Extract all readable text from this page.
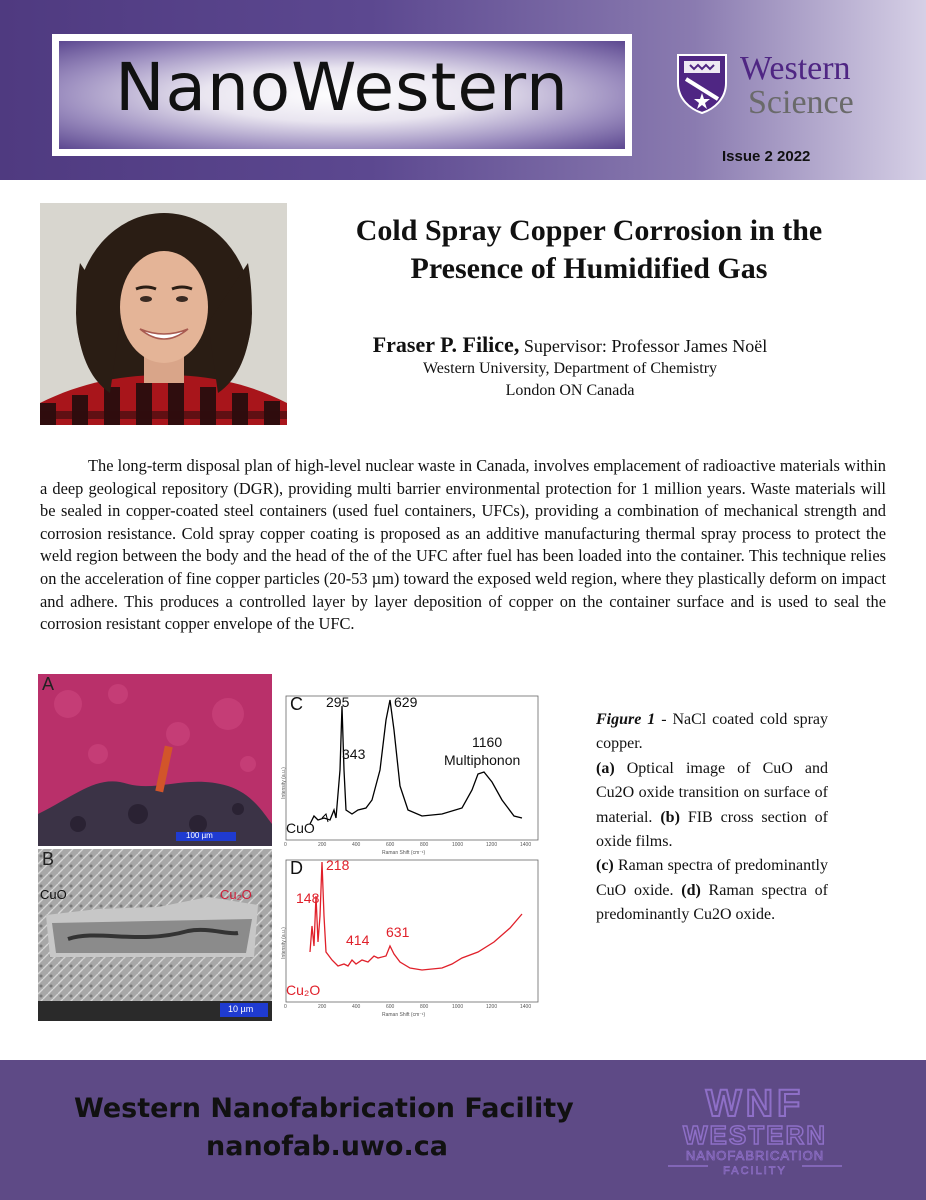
NanoWestern	Western
Science
Issue 2 2022
Cold Spray Copper Corrosion in the
Presence of Humidified Gas
Fraser P. Filice, Supervisor: Professor James Noël
Western University, Department of Chemistry
London ON Canada

The long-term disposal plan of high-level nuclear waste in Canada, involves emplacement of radioactive materials within a deep geological repository (DGR), providing multi barrier environmental protection for 1 million years. Waste materials will be sealed in copper-coated steel containers (used fuel containers, UFCs), providing a combination of mechanical strength and corrosion resistance. Cold spray copper coating is proposed as an additive manufacturing thermal spray process to protect the weld region between the body and the head of the of the UFC after fuel has been loaded into the container. This technique relies on the acceleration of fine copper particles (20-53 µm) toward the exposed weld region, where they plastically deform on impact and adhere. This produces a controlled layer by layer deposition of copper on the container surface and is used to seal the corrosion resistant copper envelope of the UFC.

A
100 µm
B
CuO	Cu₂O
10 µm
C 295
343
629
1160
Multiphonon
CuO
Intensity (a.u.)
Raman Shift (cm⁻¹)
0	200	400	600	800	1000	1200	1400
D 218
148
414 631
Cu₂O
Intensity (a.u.)
Raman Shift (cm⁻¹)
0	200	400	600	800	1000	1200	1400

Figure 1 - NaCl coated cold spray copper.

(a) Optical image of CuO and Cu2O oxide transition on surface of material. (b) FIB cross section of oxide films.

(c) Raman spectra of predominantly CuO oxide. (d) Raman spectra of predominantly Cu2O oxide.

Western Nanofabrication Facility
nanofab.uwo.ca
WNF
WESTERN
NANOFABRICATION
FACILITY
